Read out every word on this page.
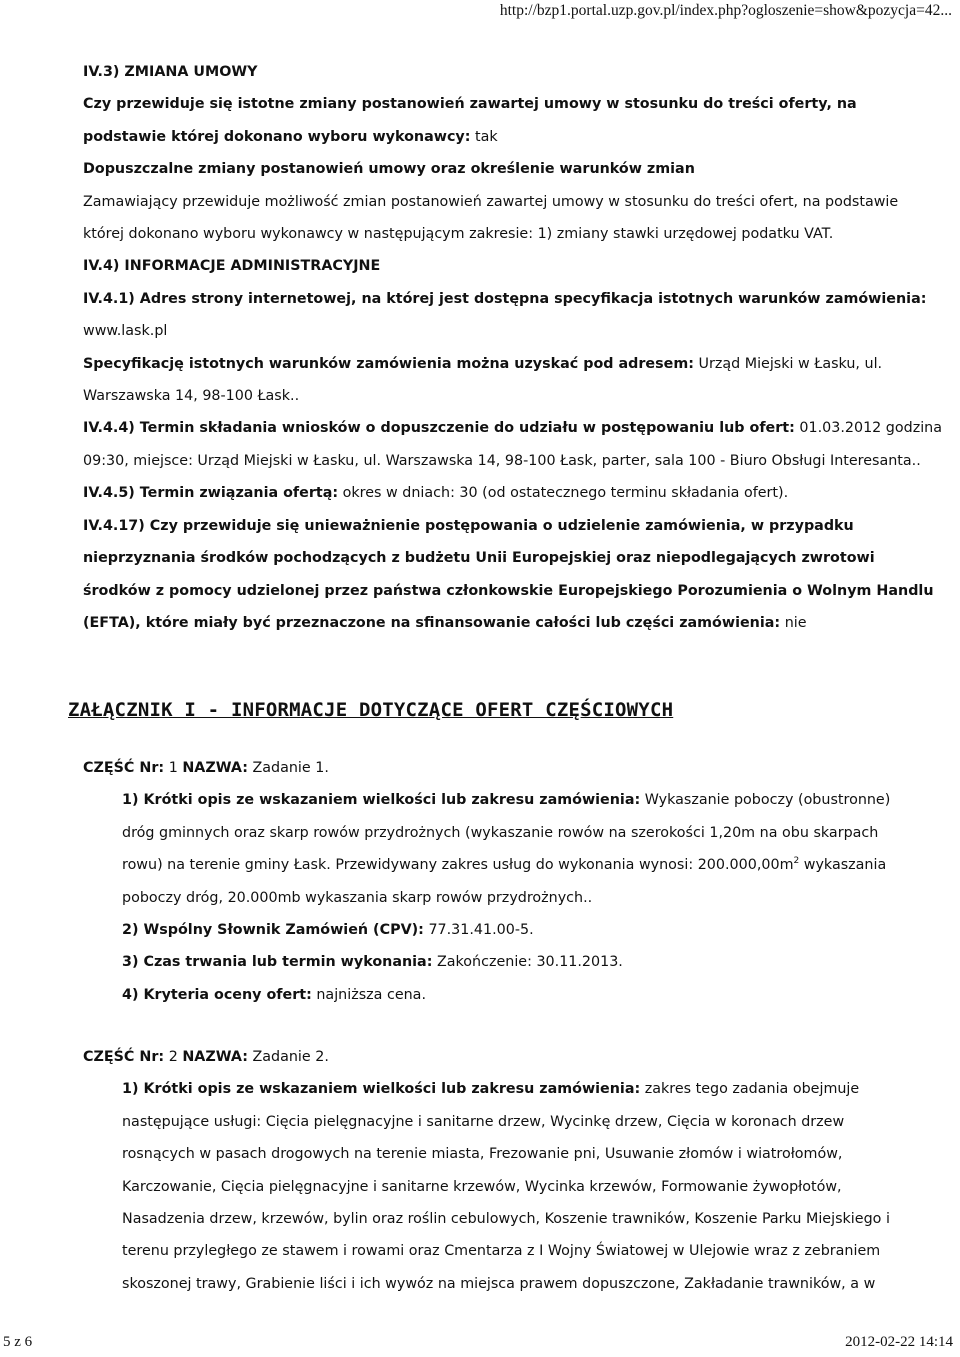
http://bzp1.portal.uzp.gov.pl/index.php?ogloszenie=show&pozycja=42...

IV.3) ZMIANA UMOWY

Czy przewiduje się istotne zmiany postanowień zawartej umowy w stosunku do treści oferty, na podstawie której dokonano wyboru wykonawcy: tak

Dopuszczalne zmiany postanowień umowy oraz określenie warunków zmian

Zamawiający przewiduje możliwość zmian postanowień zawartej umowy w stosunku do treści ofert, na podstawie której dokonano wyboru wykonawcy w następującym zakresie: 1) zmiany stawki urzędowej podatku VAT.

IV.4) INFORMACJE ADMINISTRACYJNE

IV.4.1) Adres strony internetowej, na której jest dostępna specyfikacja istotnych warunków zamówienia:

www.lask.pl

Specyfikację istotnych warunków zamówienia można uzyskać pod adresem: Urząd Miejski w Łasku, ul. Warszawska 14, 98-100 Łask..

IV.4.4) Termin składania wniosków o dopuszczenie do udziału w postępowaniu lub ofert: 01.03.2012 godzina 09:30, miejsce: Urząd Miejski w Łasku, ul. Warszawska 14, 98-100 Łask, parter, sala 100 - Biuro Obsługi Interesanta..

IV.4.5) Termin związania ofertą: okres w dniach: 30 (od ostatecznego terminu składania ofert).

IV.4.17) Czy przewiduje się unieważnienie postępowania o udzielenie zamówienia, w przypadku nieprzyznania środków pochodzących z budżetu Unii Europejskiej oraz niepodlegających zwrotowi środków z pomocy udzielonej przez państwa członkowskie Europejskiego Porozumienia o Wolnym Handlu (EFTA), które miały być przeznaczone na sfinansowanie całości lub części zamówienia: nie

ZAŁĄCZNIK I - INFORMACJE DOTYCZĄCE OFERT CZĘŚCIOWYCH

CZĘŚĆ Nr: 1 NAZWA: Zadanie 1.

1) Krótki opis ze wskazaniem wielkości lub zakresu zamówienia: Wykaszanie poboczy (obustronne) dróg gminnych oraz skarp rowów przydrożnych (wykaszanie rowów na szerokości 1,20m na obu skarpach rowu) na terenie gminy Łask. Przewidywany zakres usług do wykonania wynosi: $200.000,00m^2$ wykaszania poboczy dróg, 20.000mb wykaszania skarp rowów przydrożnych..

2) Wspólny Słownik Zamówień (CPV): 77.31.41.00-5.

3) Czas trwania lub termin wykonania: Zakończenie: 30.11.2013.

4) Kryteria oceny ofert: najniższa cena.

CZĘŚĆ Nr: 2 NAZWA: Zadanie 2.

1) Krótki opis ze wskazaniem wielkości lub zakresu zamówienia: zakres tego zadania obejmuje następujące usługi: Cięcia pielęgnacyjne i sanitarne drzew, Wycinkę drzew, Cięcia w koronach drzew rosnących w pasach drogowych na terenie miasta, Frezowanie pni, Usuwanie złomów i wiatrołomów, Karczowanie, Cięcia pielęgnacyjne i sanitarne krzewów, Wycinka krzewów, Formowanie żywopłotów, Nasadzenia drzew, krzewów, bylin oraz roślin cebulowych, Koszenie trawników, Koszenie Parku Miejskiego i terenu przyległego ze stawem i rowami oraz Cmentarza z I Wojny Światowej w Ulejowie wraz z zebraniem skoszonej trawy, Grabienie liści i ich wywóz na miejsca prawem dopuszczone, Zakładanie trawników, a w

5 z 6	2012-02-22 14:14
